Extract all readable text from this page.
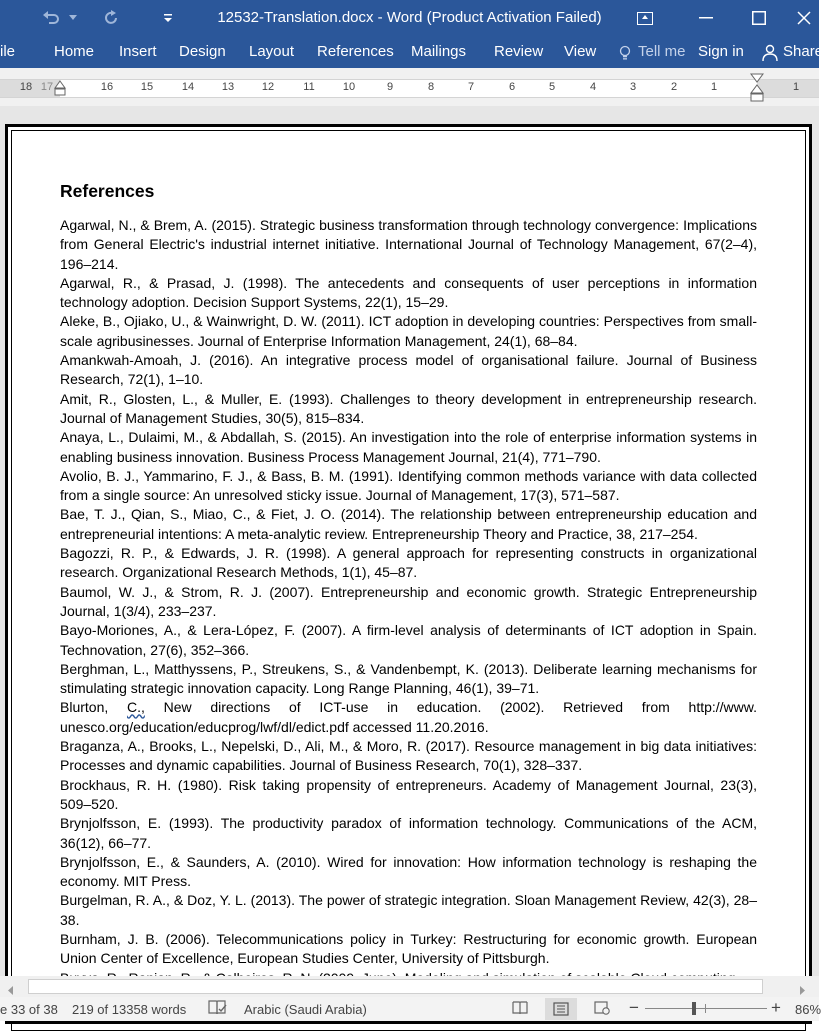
12532-Translation.docx - Word (Product Activation Failed)
ile	Home Insert Design Layout References Mailings Review View	Tell me Sign in	Share
18 17	16	15	14	13	12	11	10	9	8	7	6	5	4	3	2	1	1
References

Agarwal, N., & Brem, A. (2015). Strategic business transformation through technology convergence: Implications from General Electric's industrial internet initiative. International Journal of Technology Management, 67(2–4), 196–214.

Agarwal, R., & Prasad, J. (1998). The antecedents and consequents of user perceptions in information technology adoption. Decision Support Systems, 22(1), 15–29.

Aleke, B., Ojiako, U., & Wainwright, D. W. (2011). ICT adoption in developing countries: Perspectives from small-scale agribusinesses. Journal of Enterprise Information Management, 24(1), 68–84.

Amankwah-Amoah, J. (2016). An integrative process model of organisational failure. Journal of Business Research, 72(1), 1–10.

Amit, R., Glosten, L., & Muller, E. (1993). Challenges to theory development in entrepreneurship research. Journal of Management Studies, 30(5), 815–834.

Anaya, L., Dulaimi, M., & Abdallah, S. (2015). An investigation into the role of enterprise information systems in enabling business innovation. Business Process Management Journal, 21(4), 771–790.

Avolio, B. J., Yammarino, F. J., & Bass, B. M. (1991). Identifying common methods variance with data collected from a single source: An unresolved sticky issue. Journal of Management, 17(3), 571–587.

Bae, T. J., Qian, S., Miao, C., & Fiet, J. O. (2014). The relationship between entrepreneurship education and entrepreneurial intentions: A meta-analytic review. Entrepreneurship Theory and Practice, 38, 217–254.

Bagozzi, R. P., & Edwards, J. R. (1998). A general approach for representing constructs in organizational research. Organizational Research Methods, 1(1), 45–87.

Baumol, W. J., & Strom, R. J. (2007). Entrepreneurship and economic growth. Strategic Entrepreneurship Journal, 1(3/4), 233–237.

Bayo-Moriones, A., & Lera-López, F. (2007). A firm-level analysis of determinants of ICT adoption in Spain. Technovation, 27(6), 352–366.

Berghman, L., Matthyssens, P., Streukens, S., & Vandenbempt, K. (2013). Deliberate learning mechanisms for stimulating strategic innovation capacity. Long Range Planning, 46(1), 39–71.

Blurton, C., New directions of ICT-use in education. (2002). Retrieved from http://www. unesco.org/education/educprog/lwf/dl/edict.pdf accessed 11.20.2016.

Braganza, A., Brooks, L., Nepelski, D., Ali, M., & Moro, R. (2017). Resource management in big data initiatives: Processes and dynamic capabilities. Journal of Business Research, 70(1), 328–337.

Brockhaus, R. H. (1980). Risk taking propensity of entrepreneurs. Academy of Management Journal, 23(3), 509–520.

Brynjolfsson, E. (1993). The productivity paradox of information technology. Communications of the ACM, 36(12), 66–77.

Brynjolfsson, E., & Saunders, A. (2010). Wired for innovation: How information technology is reshaping the economy. MIT Press.

Burgelman, R. A., & Doz, Y. L. (2013). The power of strategic integration. Sloan Management Review, 42(3), 28–38.

Burnham, J. B. (2006). Telecommunications policy in Turkey: Restructuring for economic growth. European Union Center of Excellence, European Studies Center, University of Pittsburgh.

e 33 of 38 219 of 13358 words	Arabic (Saudi Arabia)	−	+ 86%
